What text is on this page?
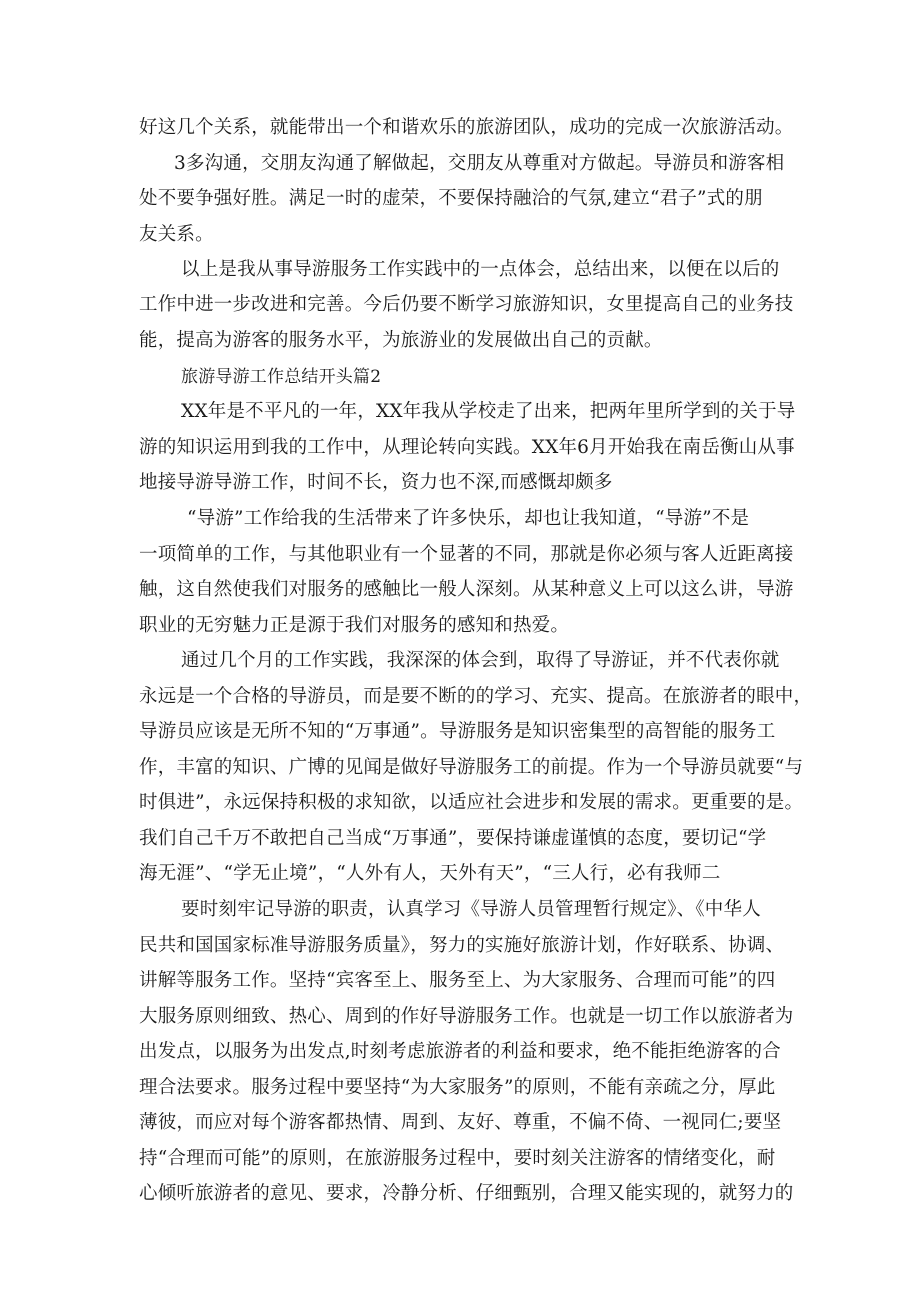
好这几个关系，就能带出一个和谐欢乐的旅游团队，成功的完成一次旅游活动。
3多沟通，交朋友沟通了解做起，交朋友从尊重对方做起。导游员和游客相
处不要争强好胜。满足一时的虚荣，不要保持融洽的气氛,建立“君子”式的朋
友关系。
以上是我从事导游服务工作实践中的一点体会，总结出来，以便在以后的
工作中进一步改进和完善。今后仍要不断学习旅游知识，女里提高自己的业务技
能，提高为游客的服务水平，为旅游业的发展做出自己的贡献。
旅游导游工作总结开头篇2
XX年是不平凡的一年，XX年我从学校走了出来，把两年里所学到的关于导
游的知识运用到我的工作中，从理论转向实践。XX年6月开始我在南岳衡山从事
地接导游导游工作，时间不长，资力也不深,而感慨却颇多
“导游”工作给我的生活带来了许多快乐，却也让我知道，“导游”不是
一项简单的工作，与其他职业有一个显著的不同，那就是你必须与客人近距离接
触，这自然使我们对服务的感触比一般人深刻。从某种意义上可以这么讲，导游
职业的无穷魅力正是源于我们对服务的感知和热爱。
通过几个月的工作实践，我深深的体会到，取得了导游证，并不代表你就
永远是一个合格的导游员，而是要不断的的学习、充实、提高。在旅游者的眼中，
导游员应该是无所不知的“万事通”。导游服务是知识密集型的高智能的服务工
作，丰富的知识、广博的见闻是做好导游服务工的前提。作为一个导游员就要“与
时俱进”，永远保持积极的求知欲，以适应社会进步和发展的需求。更重要的是。
我们自己千万不敢把自己当成“万事通”，要保持谦虚谨慎的态度，要切记“学
海无涯”、“学无止境”，“人外有人，天外有天”，“三人行，必有我师二
要时刻牢记导游的职责，认真学习《导游人员管理暂行规定》、《中华人
民共和国国家标准导游服务质量》，努力的实施好旅游计划，作好联系、协调、
讲解等服务工作。坚持“宾客至上、服务至上、为大家服务、合理而可能”的四
大服务原则细致、热心、周到的作好导游服务工作。也就是一切工作以旅游者为
出发点，以服务为出发点,时刻考虑旅游者的利益和要求，绝不能拒绝游客的合
理合法要求。服务过程中要坚持“为大家服务”的原则，不能有亲疏之分，厚此
薄彼，而应对每个游客都热情、周到、友好、尊重，不偏不倚、一视同仁;要坚
持“合理而可能”的原则，在旅游服务过程中，要时刻关注游客的情绪变化，耐
心倾听旅游者的意见、要求，冷静分析、仔细甄别，合理又能实现的，就努力的
